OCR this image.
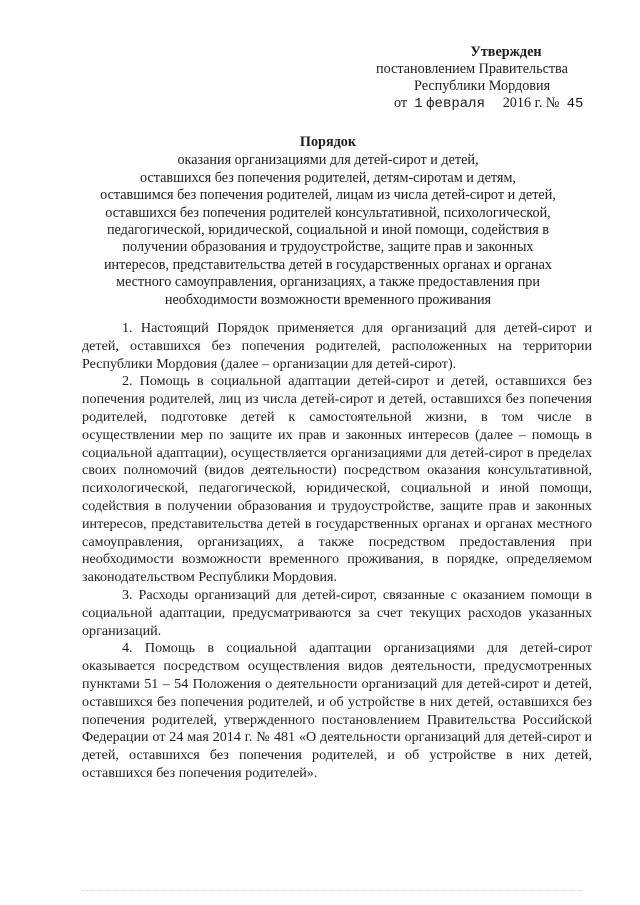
Утвержден
постановлением Правительства
Республики Мордовия
от 1 февраля 2016 г. № 45
Порядок
оказания организациями для детей-сирот и детей,
оставшихся без попечения родителей, детям-сиротам и детям,
оставшимся без попечения родителей, лицам из числа детей-сирот и детей,
оставшихся без попечения родителей консультативной, психологической,
педагогической, юридической, социальной и иной помощи, содействия в
получении образования и трудоустройстве, защите прав и законных
интересов, представительства детей в государственных органах и органах
местного самоуправления, организациях, а также предоставления при
необходимости возможности временного проживания

1. Настоящий Порядок применяется для организаций для детей-сирот и детей, оставшихся без попечения родителей, расположенных на территории Республики Мордовия (далее – организации для детей-сирот).

2. Помощь в социальной адаптации детей-сирот и детей, оставшихся без попечения родителей, лиц из числа детей-сирот и детей, оставшихся без попечения родителей, подготовке детей к самостоятельной жизни, в том числе в осуществлении мер по защите их прав и законных интересов (далее – помощь в социальной адаптации), осуществляется организациями для детей-сирот в пределах своих полномочий (видов деятельности) посредством оказания консультативной, психологической, педагогической, юридической, социальной и иной помощи, содействия в получении образования и трудоустройстве, защите прав и законных интересов, представительства детей в государственных органах и органах местного самоуправления, организациях, а также посредством предоставления при необходимости возможности временного проживания, в порядке, определяемом законодательством Республики Мордовия.

3. Расходы организаций для детей-сирот, связанные с оказанием помощи в социальной адаптации, предусматриваются за счет текущих расходов указанных организаций.

4. Помощь в социальной адаптации организациями для детей-сирот оказывается посредством осуществления видов деятельности, предусмотренных пунктами 51 – 54 Положения о деятельности организаций для детей-сирот и детей, оставшихся без попечения родителей, и об устройстве в них детей, оставшихся без попечения родителей, утвержденного постановлением Правительства Российской Федерации от 24 мая 2014 г. № 481 «О деятельности организаций для детей-сирот и детей, оставшихся без попечения родителей, и об устройстве в них детей, оставшихся без попечения родителей».
